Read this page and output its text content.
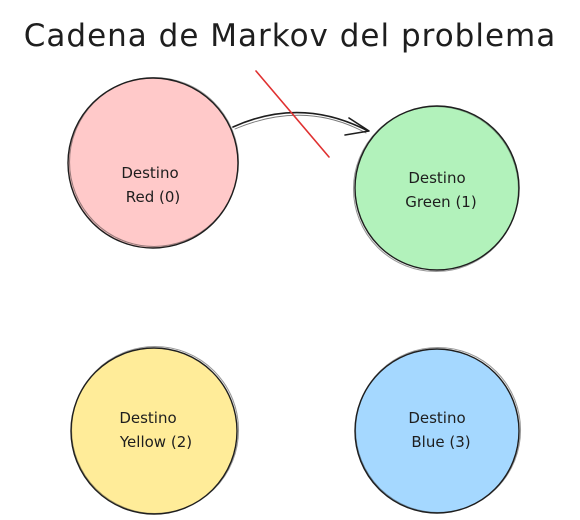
Cadena de Markov del problema
Destino
Red (0)
Destino
Green (1)
Destino
Yellow (2)
Destino
Blue (3)
